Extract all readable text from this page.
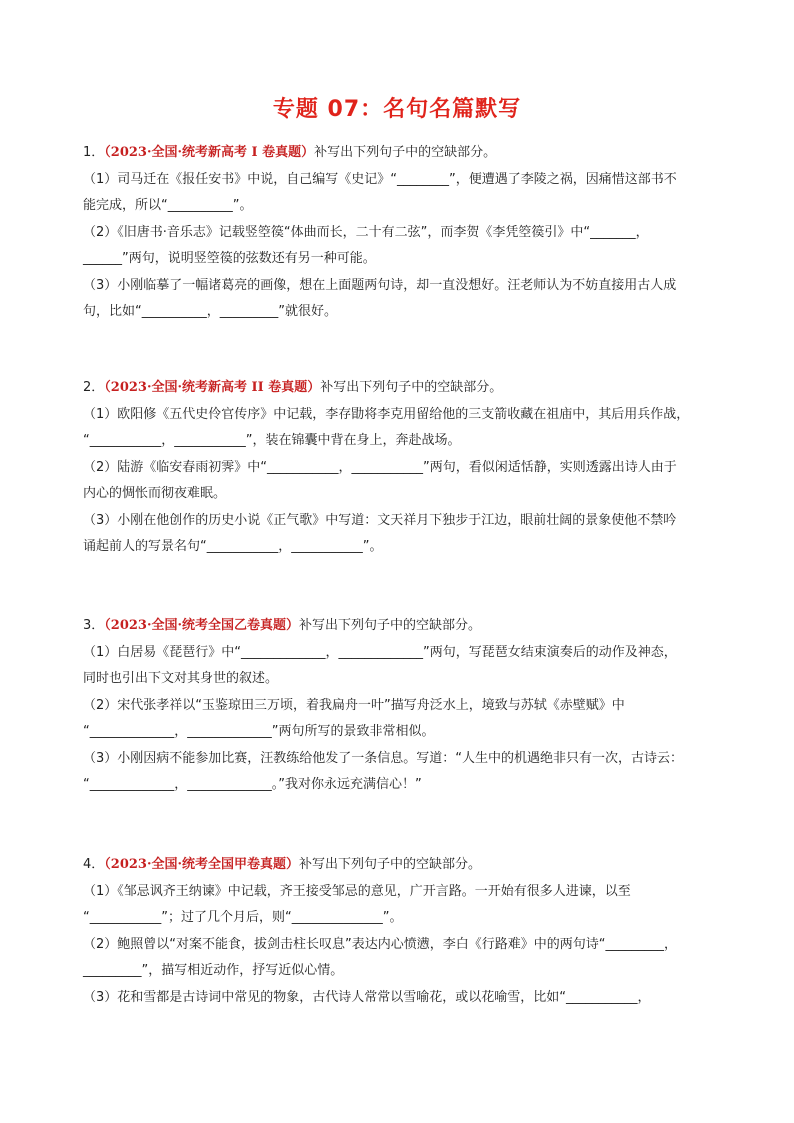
专题 07：名句名篇默写

1．（2023·全国·统考新高考 I 卷真题）补写出下列句子中的空缺部分。

（1）司马迁在《报任安书》中说，自己编写《史记》“________”，便遭遇了李陵之祸，因痛惜这部书不

能完成，所以“__________”。

（2）《旧唐书·音乐志》记载竖箜篌“体曲而长，二十有二弦”，而李贺《李凭箜篌引》中“_______，

______”两句，说明竖箜篌的弦数还有另一种可能。

（3）小刚临摹了一幅诸葛亮的画像，想在上面题两句诗，却一直没想好。汪老师认为不妨直接用古人成

句，比如“__________，_________”就很好。

2．（2023·全国·统考新高考 II 卷真题）补写出下列句子中的空缺部分。

（1）欧阳修《五代史伶官传序》中记载，李存勖将李克用留给他的三支箭收藏在祖庙中，其后用兵作战，

“___________，___________”，装在锦囊中背在身上，奔赴战场。

（2）陆游《临安春雨初霁》中“___________，___________”两句，看似闲适恬静，实则透露出诗人由于

内心的惆怅而彻夜难眠。

（3）小刚在他创作的历史小说《正气歌》中写道：文天祥月下独步于江边，眼前壮阔的景象使他不禁吟

诵起前人的写景名句“___________，___________”。

3．（2023·全国·统考全国乙卷真题）补写出下列句子中的空缺部分。

（1）白居易《琵琶行》中“_____________，_____________”两句，写琵琶女结束演奏后的动作及神态，

同时也引出下文对其身世的叙述。

（2）宋代张孝祥以“玉鉴琼田三万顷，着我扁舟一叶”描写舟泛水上，境致与苏轼《赤壁赋》中

“_____________，_____________”两句所写的景致非常相似。

（3）小刚因病不能参加比赛，汪教练给他发了一条信息。写道：“人生中的机遇绝非只有一次，古诗云：

“_____________，_____________。”我对你永远充满信心！”

4．（2023·全国·统考全国甲卷真题）补写出下列句子中的空缺部分。

（1）《邹忌讽齐王纳谏》中记载，齐王接受邹忌的意见，广开言路。一开始有很多人进谏，以至

“___________”；过了几个月后，则“______________”。

（2）鲍照曾以“对案不能食，拔剑击柱长叹息”表达内心愤懑，李白《行路难》中的两句诗“_________，

_________”，描写相近动作，抒写近似心情。

（3）花和雪都是古诗词中常见的物象，古代诗人常常以雪喻花，或以花喻雪，比如“___________，
